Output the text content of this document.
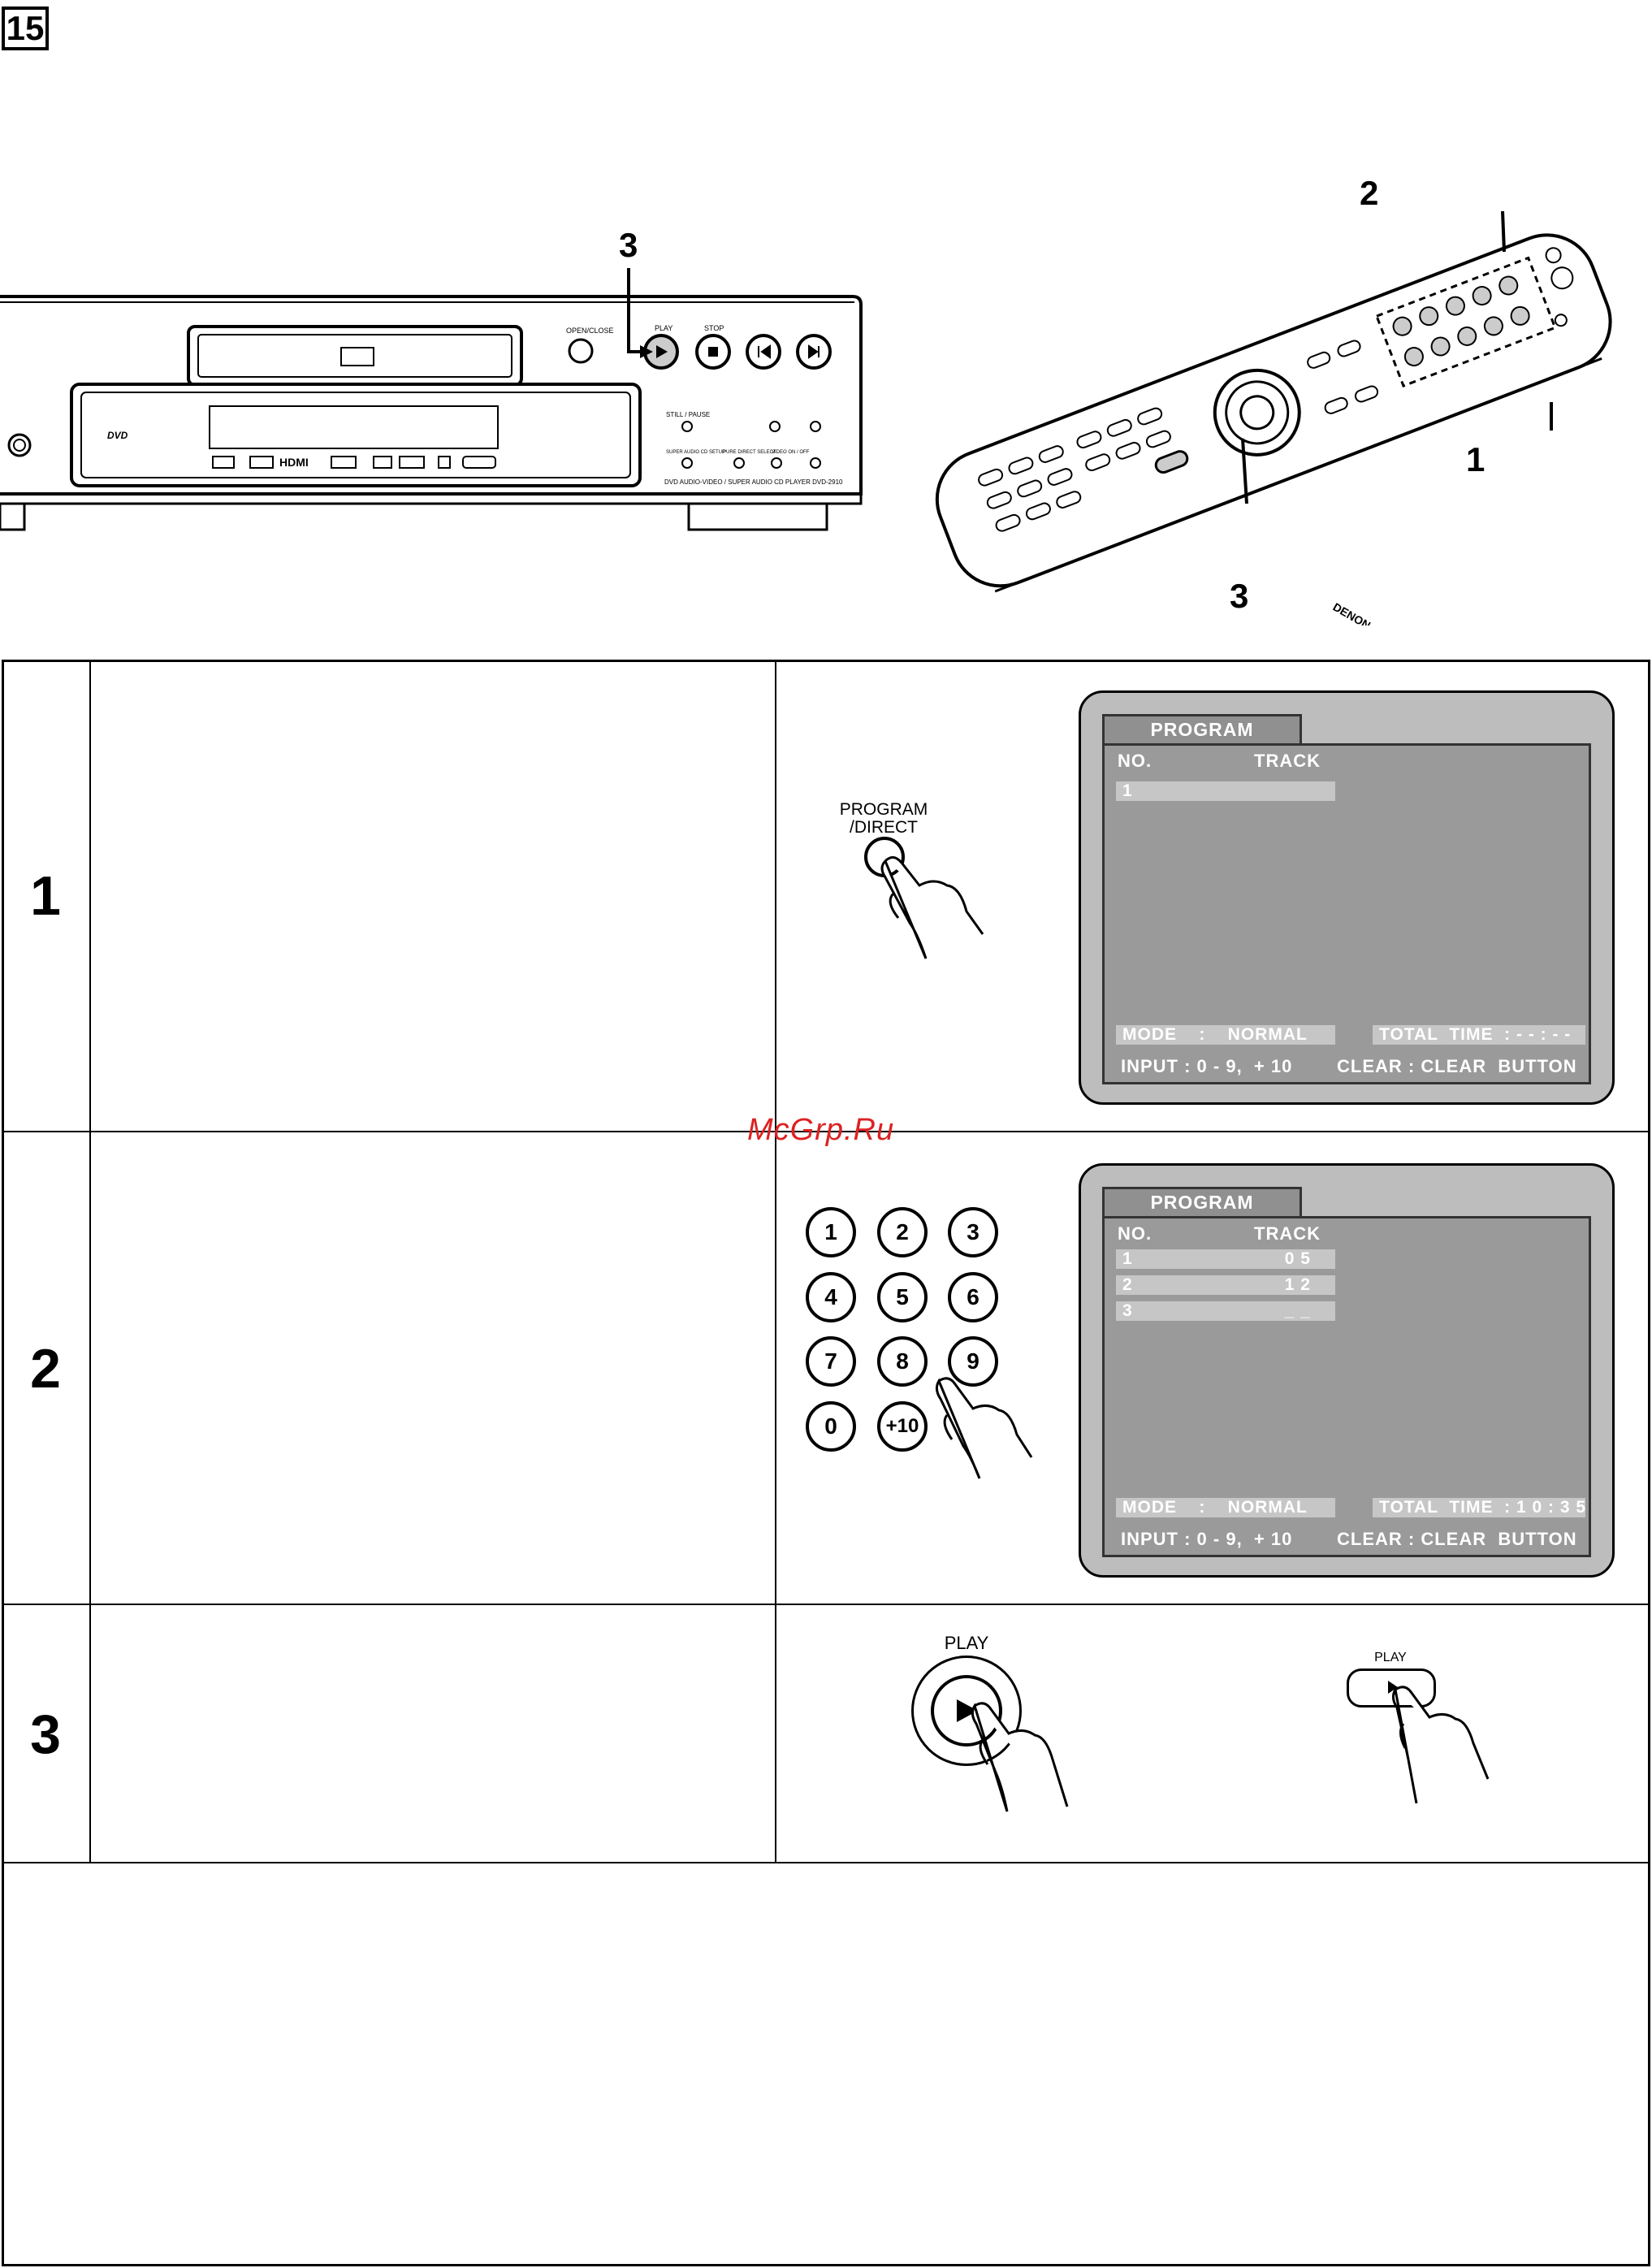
15
OPEN/CLOSE	PLAY	STOP
STILL / PAUSE
SUPER AUDIO CD SETUP
PURE DIRECT SELECT
VIDEO ON / OFF
HDMI
DVD
DVD AUDIO-VIDEO / SUPER AUDIO CD PLAYER DVD-2910
3
DENON
2
1
3
1
2
3
PROGRAM
/DIRECT
PROGRAM
NO.	TRACK
1
MODE    :    NORMAL	TOTAL  TIME  : - - : - -
INPUT : 0 - 9,  + 10 CLEAR : CLEAR  BUTTON
McGrp.Ru
1	2	3
4	5	6
7	8	9
0	+10
PROGRAM
NO.	TRACK
1	0 5
2	1 2
3	_ _
MODE    :    NORMAL	TOTAL  TIME  : 1 0 : 3 5
INPUT : 0 - 9,  + 10 CLEAR : CLEAR  BUTTON
PLAY
PLAY
